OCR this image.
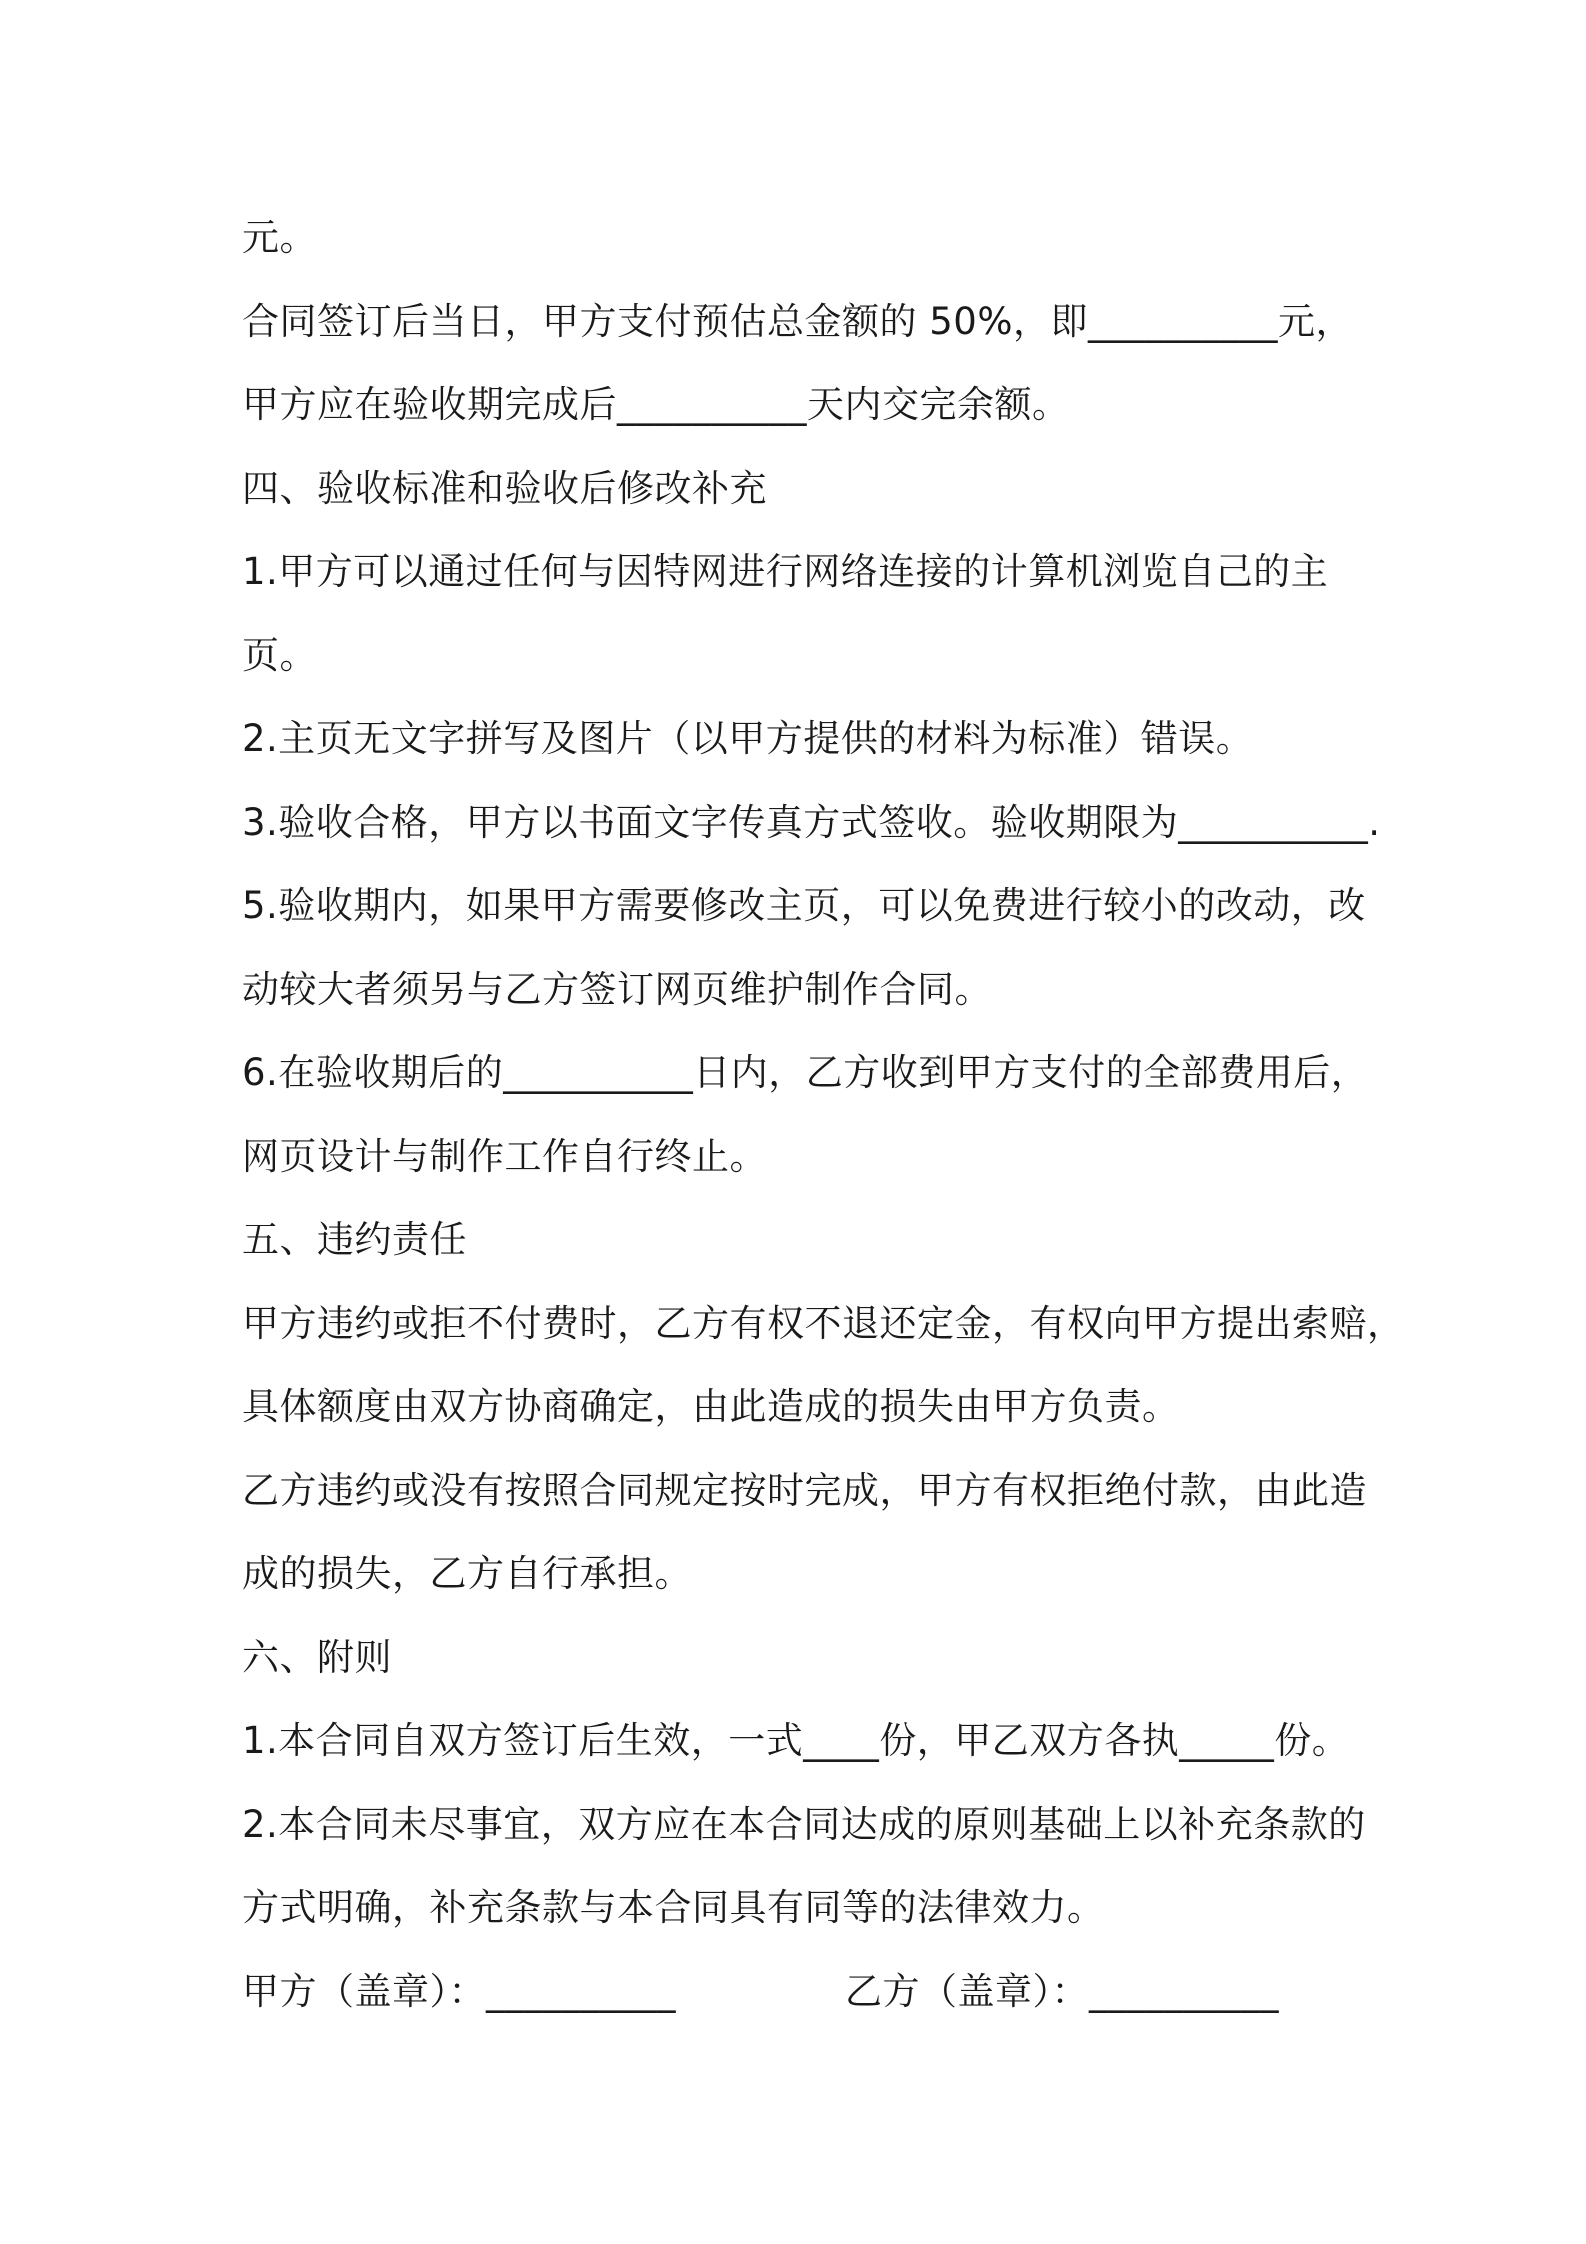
元。
合同签订后当日，甲方支付预估总金额的 50%，即__________元，
甲方应在验收期完成后__________天内交完余额。
四、验收标准和验收后修改补充
1.甲方可以通过任何与因特网进行网络连接的计算机浏览自己的主
页。
2.主页无文字拼写及图片（以甲方提供的材料为标准）错误。
3.验收合格，甲方以书面文字传真方式签收。验收期限为__________.
5.验收期内，如果甲方需要修改主页，可以免费进行较小的改动，改
动较大者须另与乙方签订网页维护制作合同。
6.在验收期后的__________日内，乙方收到甲方支付的全部费用后，
网页设计与制作工作自行终止。
五、违约责任
甲方违约或拒不付费时，乙方有权不退还定金，有权向甲方提出索赔，
具体额度由双方协商确定，由此造成的损失由甲方负责。
乙方违约或没有按照合同规定按时完成，甲方有权拒绝付款，由此造
成的损失，乙方自行承担。
六、附则
1.本合同自双方签订后生效，一式____份，甲乙双方各执_____份。
2.本合同未尽事宜，双方应在本合同达成的原则基础上以补充条款的
方式明确，补充条款与本合同具有同等的法律效力。
甲方（盖章）：__________	乙方（盖章）：__________
